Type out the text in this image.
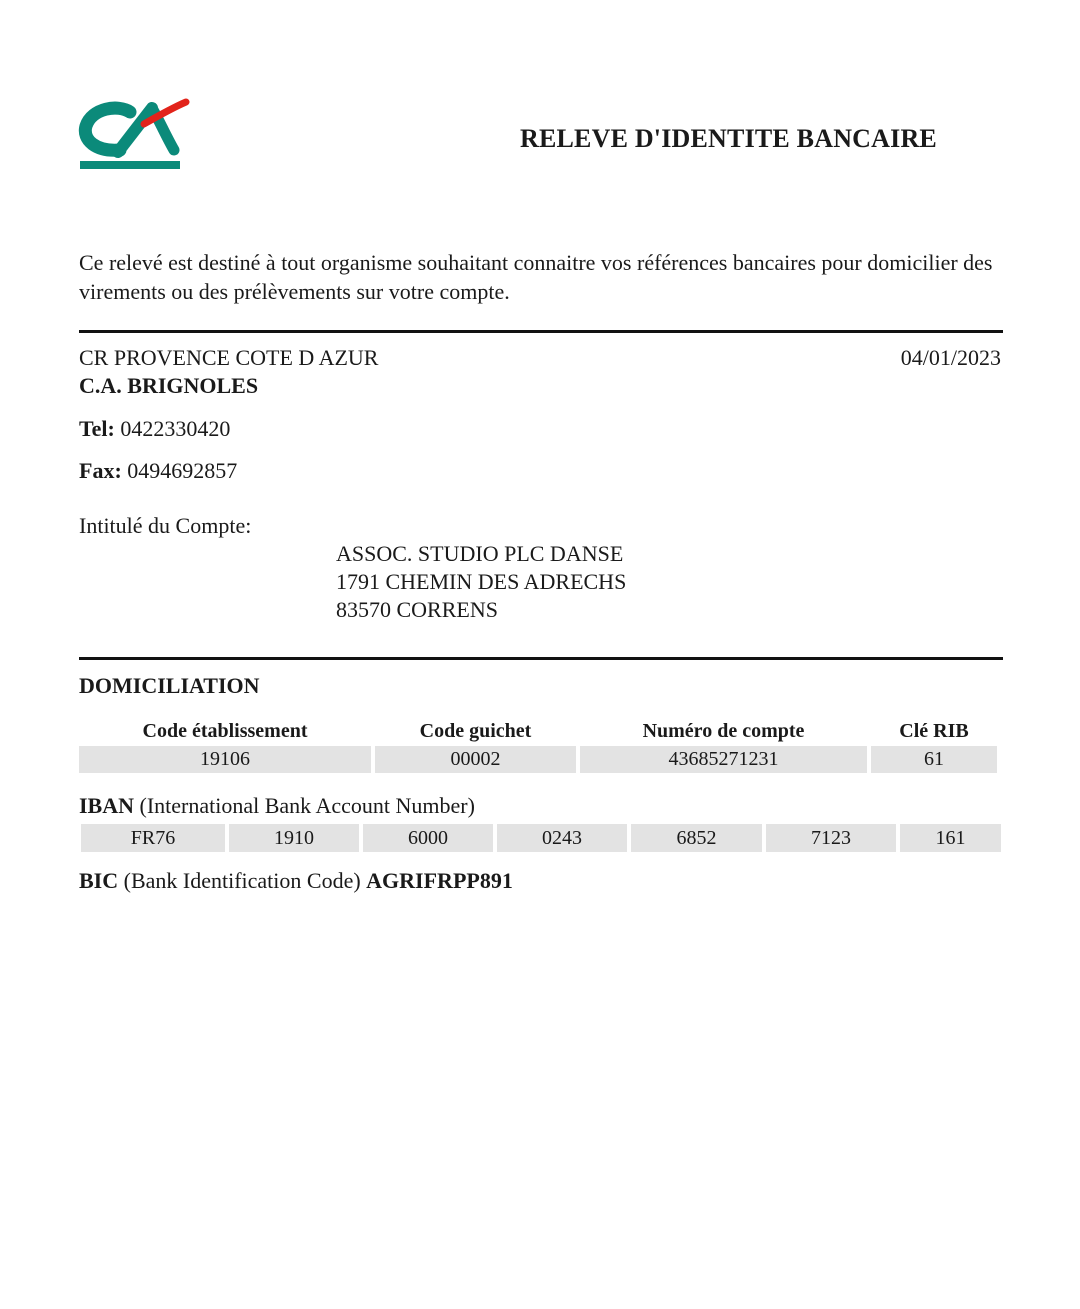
RELEVE D'IDENTITE BANCAIRE
Ce relevé est destiné à tout organisme souhaitant connaitre vos références bancaires pour domicilier des virements ou des prélèvements sur votre compte.
CR PROVENCE COTE D AZUR	04/01/2023
C.A. BRIGNOLES
Tel: 0422330420
Fax: 0494692857
Intitulé du Compte:
ASSOC. STUDIO PLC DANSE
1791 CHEMIN DES ADRECHS
83570 CORRENS
DOMICILIATION
Code établissement	Code guichet	Numéro de compte	Clé RIB
19106	00002	43685271231	61
IBAN (International Bank Account Number)
FR76	1910	6000	0243	6852	7123	161
BIC (Bank Identification Code) AGRIFRPP891
